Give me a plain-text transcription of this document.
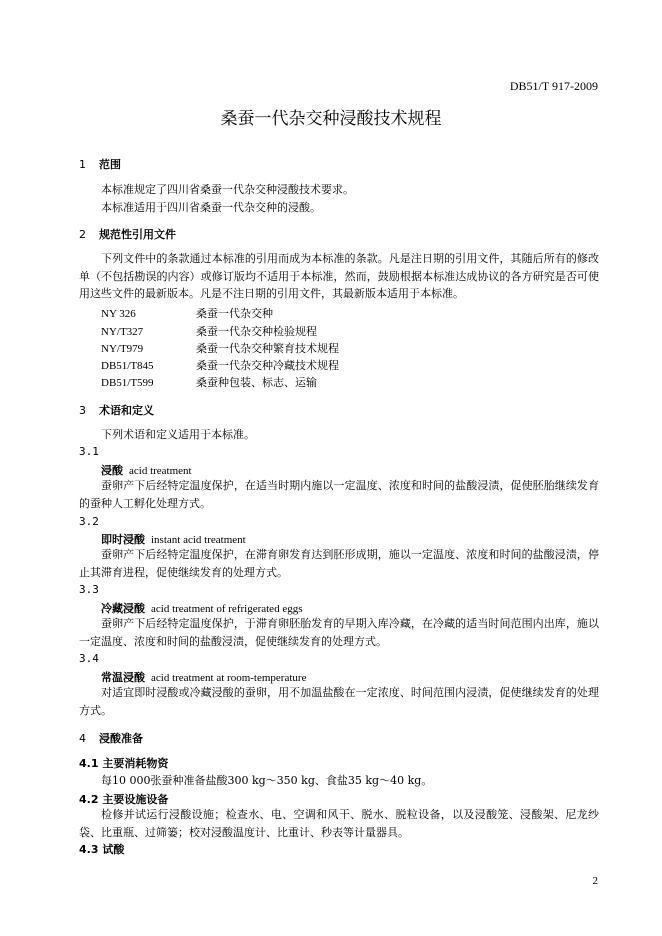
DB51/T 917-2009
桑蚕一代杂交种浸酸技术规程
1 范围
本标准规定了四川省桑蚕一代杂交种浸酸技术要求。
本标准适用于四川省桑蚕一代杂交种的浸酸。
2 规范性引用文件
下列文件中的条款通过本标准的引用而成为本标准的条款。凡是注日期的引用文件，其随后所有的修改单（不包括勘误的内容）或修订版均不适用于本标准，然而，鼓励根据本标准达成协议的各方研究是否可使用这些文件的最新版本。凡是不注日期的引用文件，其最新版本适用于本标准。
NY 326	桑蚕一代杂交种
NY/T327	桑蚕一代杂交种检验规程
NY/T979	桑蚕一代杂交种繁育技术规程
DB51/T845	桑蚕一代杂交种冷藏技术规程
DB51/T599	桑蚕种包装、标志、运输
3 术语和定义
下列术语和定义适用于本标准。
3.1
浸酸 acid treatment
蚕卵产下后经特定温度保护，在适当时期内施以一定温度、浓度和时间的盐酸浸渍，促使胚胎继续发育的蚕种人工孵化处理方式。
3.2
即时浸酸 instant acid treatment
蚕卵产下后经特定温度保护，在滞育卵发育达到胚形成期，施以一定温度、浓度和时间的盐酸浸渍，停止其滞育进程，促使继续发育的处理方式。
3.3
冷藏浸酸 acid treatment of refrigerated eggs
蚕卵产下后经特定温度保护，于滞育卵胚胎发育的早期入库冷藏，在冷藏的适当时间范围内出库，施以一定温度、浓度和时间的盐酸浸渍，促使继续发育的处理方式。
3.4
常温浸酸 acid treatment at room-temperature
对适宜即时浸酸或冷藏浸酸的蚕卵，用不加温盐酸在一定浓度、时间范围内浸渍，促使继续发育的处理方式。
4 浸酸准备
4.1 主要消耗物资
每10 000张蚕种准备盐酸300 kg～350 kg、食盐35 kg～40 kg。
4.2 主要设施设备
检修并试运行浸酸设施；检查水、电、空调和风干、脱水、脱粒设备，以及浸酸笼、浸酸架、尼龙纱袋、比重瓶、过筛篓；校对浸酸温度计、比重计、秒表等计量器具。
4.3 试酸
2
